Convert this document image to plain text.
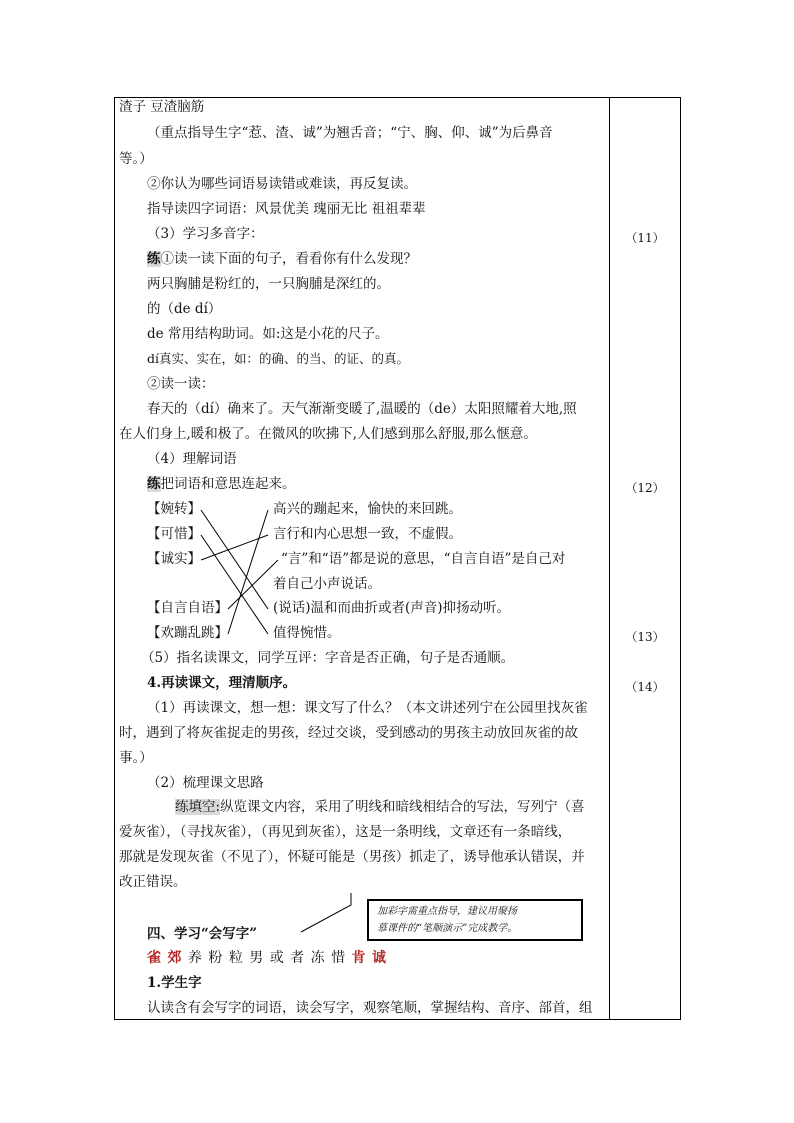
渣子 豆渣脑筋
（重点指导生字“惹、渣、诚”为翘舌音；“宁、胸、仰、诚”为后鼻音
等。）
②你认为哪些词语易读错或难读，再反复读。
指导读四字词语：风景优美 瑰丽无比 祖祖辈辈
（3）学习多音字：
练①读一读下面的句子，看看你有什么发现？
两只胸脯是粉红的，一只胸脯是深红的。
的（de dí）
de 常用结构助词。如:这是小花的尺子。
dí真实、实在，如：的确、的当、的证、的真。
②读一读：
春天的（dí）确来了。天气渐渐变暖了,温暖的（de）太阳照耀着大地,照
在人们身上,暖和极了。在微风的吹拂下,人们感到那么舒服,那么惬意。
（4）理解词语
练把词语和意思连起来。
【婉转】
【可惜】
【诚实】
【自言自语】
【欢蹦乱跳】
高兴的蹦起来，愉快的来回跳。
言行和内心思想一致，不虚假。
“言”和“语”都是说的意思，“自言自语”是自己对
着自己小声说话。
(说话)温和而曲折或者(声音)抑扬动听。
值得惋惜。
（5）指名读课文，同学互评：字音是否正确，句子是否通顺。
4.再读课文，理清顺序。
（1）再读课文，想一想：课文写了什么？（本文讲述列宁在公园里找灰雀
时，遇到了将灰雀捉走的男孩，经过交谈，受到感动的男孩主动放回灰雀的故
事。）
（2）梳理课文思路
练填空:纵览课文内容，采用了明线和暗线相结合的写法，写列宁（喜
爱灰雀），（寻找灰雀），（再见到灰雀），这是一条明线，文章还有一条暗线，
那就是发现灰雀（不见了），怀疑可能是（男孩）抓走了，诱导他承认错误，并
改正错误。
四、学习“会写字”
雀 郊 养 粉 粒 男 或 者 冻 惜 肯 诚
1.学生字
认读含有会写字的词语，读会写字，观察笔顺，掌握结构、音序、部首，组
加彩字需重点指导，建议用聚扬
慕课件的“笔顺演示”完成教学。
（11）
（12）
（13）
（14）
